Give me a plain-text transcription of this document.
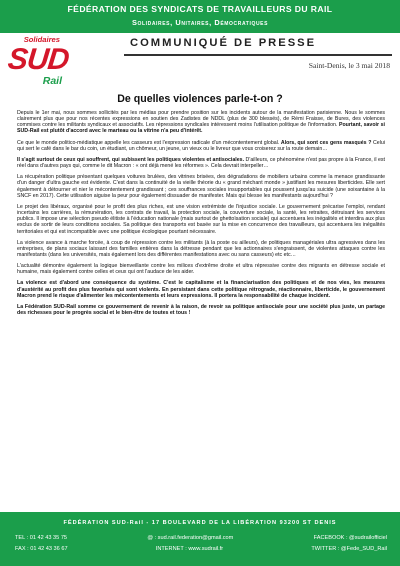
FÉDÉRATION DES SYNDICATS DE TRAVAILLEURS DU RAIL
Solidaires, Unitaires, Démocratiques
Solidaires
SUD
Rail
COMMUNIQUÉ DE PRESSE
Saint-Denis, le 3 mai 2018
De quelles violences parle-t-on ?

Depuis le 1er mai, nous sommes sollicités par les médias pour prendre position sur les incidents autour de la manifestation parisienne. Nous le sommes clairement plus que pour nos récentes expressions en soutien des Zadistes de NDDL (plus de 300 blessés), de Rémi Fraisse, de Bures, des violences commises contre les militants syndicaux et associatifs. Les répressions syndicales intéressent moins l'utilisation politique de l'information. Pourtant, savoir si SUD-Rail est plutôt d'accord avec le marteau ou la vitrine n'a peu d'intérêt.

Ce que le monde politico-médiatique appelle les casseurs est l'expression radicale d'un mécontentement global. Alors, qui sont ces gens masqués ? Celui qui sert le café dans le bar du coin, un étudiant, un chômeur, un jeune, un vieux ou le livreur que vous croiserez sur la route demain…

Il s'agit surtout de ceux qui souffrent, qui subissent les politiques violentes et antisociales. D'ailleurs, ce phénomène n'est pas propre à la France, il est réel dans d'autres pays qui, comme le dit Macron : « ont déjà mené les réformes ». Cela devrait interpeller…

La récupération politique présentant quelques voitures brulées, des vitrines brisées, des dégradations de mobiliers urbains comme la menace grandissante d'un danger d'ultra gauche est évidente. C'est dans la continuité de la vieille théorie du « grand méchant monde » justifiant les mesures liberticides. Elle sert également à détourner et nier le mécontentement grandissant ; ces souffrances sociales insupportables qui poussent jusqu'au suicide (une soixantaine à la SNCF en 2017). Cette utilisation aiguise la peur pour également dissuader de manifester. Mais qui blesse les manifestants aujourd'hui ?

Le projet des libéraux, organisé pour le profit des plus riches, est une vision extrémiste de l'injustice sociale. Le gouvernement précarise l'emploi, rendant incertains les carrières, la rémunération, les contrats de travail, la protection sociale, la couverture sociale, la santé, les retraites, détruisant les services publics. Il impose une sélection pseudo élitiste à l'éducation nationale (mais surtout de ghettoïsation sociale) qui accentuera les inégalités et interdira aux plus exclus de sortir de leurs conditions sociales. Sa politique des transports est basée sur la mise en concurrence des travailleurs, qui accentuera les inégalités territoriales et qui est incompatible avec une politique écologique pourtant nécessaire.

La violence avance à marche forcée, à coup de répression contre les militants (à la poste ou ailleurs), de politiques managériales ultra agressives dans les entreprises, de plans sociaux laissant des familles entières dans la détresse pendant que les actionnaires s'engraissent, de violentes attaques contre les manifestants (dans les universités, mais également lors des différentes manifestations avec ou sans casseurs) etc etc…

L'actualité démontre également la logique bienveillante contre les milices d'extrême droite et ultra répressive contre des migrants en détresse sociale et humaine, mais également contre celles et ceux qui ont l'audace de les aider.

La violence est d'abord une conséquence du système. C'est le capitalisme et la financiarisation des politiques et de nos vies, les mesures d'austérité au profit des plus favorisés qui sont violents. En persistant dans cette politique rétrograde, réactionnaire, liberticide, le gouvernement Macron prend le risque d'alimenter les mécontentements et leurs expressions. Il portera la responsabilité de chaque incident.

La Fédération SUD-Rail somme ce gouvernement de revenir à la raison, de revoir sa politique antisociale pour une société plus juste, un partage des richesses pour le progrès social et le bien-être de toutes et tous !

FÉDÉRATION SUD-Rail - 17 BOULEVARD DE LA LIBÉRATION 93200 ST DENIS
TEL : 01 42 43 35 75	@ : sud.rail.federation@gmail.com	FACEBOOK : @sudrailofficiel
FAX : 01 42 43 36 67	INTERNET : www.sudrail.fr	TWITTER : @Fede_SUD_Rail
